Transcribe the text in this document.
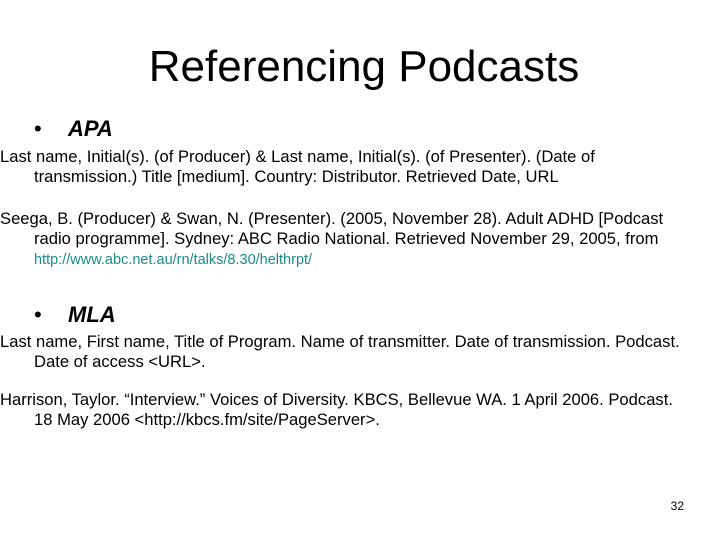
Referencing Podcasts
• APA
Last name, Initial(s). (of Producer) & Last name, Initial(s). (of Presenter). (Date of transmission.) Title [medium]. Country: Distributor. Retrieved Date, URL
Seega, B. (Producer) & Swan, N. (Presenter). (2005, November 28). Adult ADHD [Podcast radio programme]. Sydney: ABC Radio National. Retrieved November 29, 2005, from http://www.abc.net.au/rn/talks/8.30/helthrpt/
• MLA
Last name, First name, Title of Program. Name of transmitter. Date of transmission. Podcast. Date of access <URL>.
Harrison, Taylor. “Interview.” Voices of Diversity. KBCS, Bellevue WA. 1 April 2006. Podcast. 18 May 2006 <http://kbcs.fm/site/PageServer>.
32
